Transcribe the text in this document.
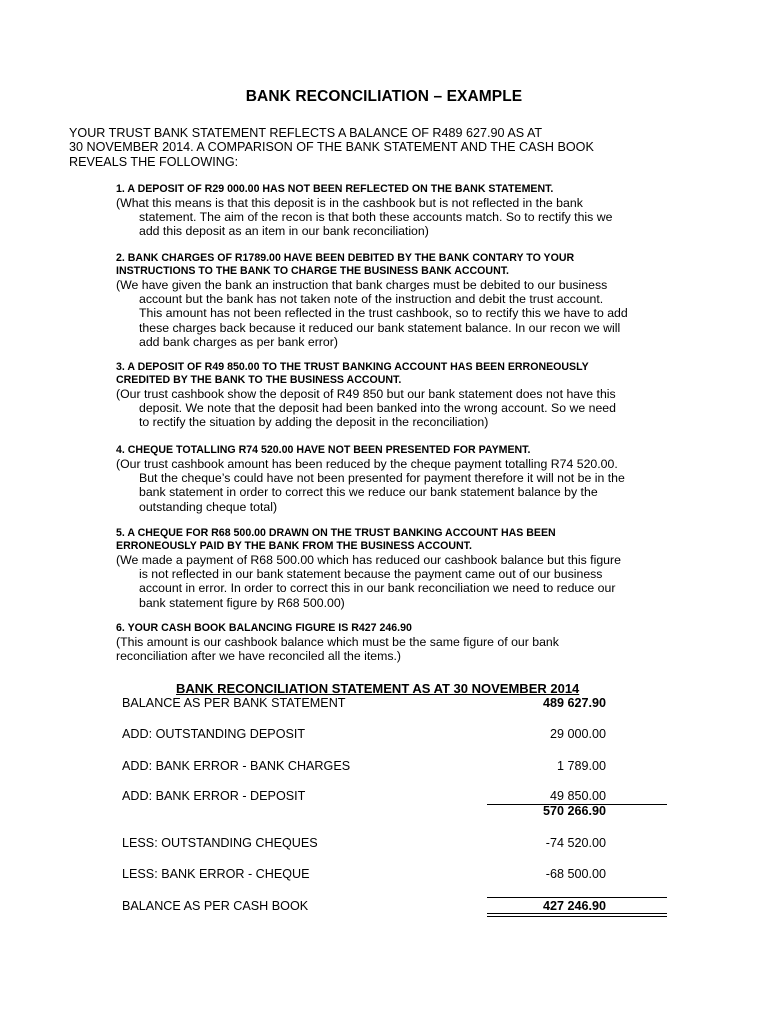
BANK RECONCILIATION – EXAMPLE
YOUR TRUST BANK STATEMENT REFLECTS A BALANCE OF R489 627.90 AS AT
30 NOVEMBER 2014. A COMPARISON OF THE BANK STATEMENT AND THE CASH BOOK
REVEALS THE FOLLOWING:
1. A DEPOSIT OF R29 000.00 HAS NOT BEEN REFLECTED ON THE BANK STATEMENT.
(What this means is that this deposit is in the cashbook but is not reflected in the bank
statement. The aim of the recon is that both these accounts match. So to rectify this we
add this deposit as an item in our bank reconciliation)
2. BANK CHARGES OF R1789.00 HAVE BEEN DEBITED BY THE BANK CONTARY TO YOUR
INSTRUCTIONS TO THE BANK TO CHARGE THE BUSINESS BANK ACCOUNT.
(We have given the bank an instruction that bank charges must be debited to our business
account but the bank has not taken note of the instruction and debit the trust account.
This amount has not been reflected in the trust cashbook, so to rectify this we have to add
these charges back because it reduced our bank statement balance. In our recon we will
add bank charges as per bank error)
3. A DEPOSIT OF R49 850.00 TO THE TRUST BANKING ACCOUNT HAS BEEN ERRONEOUSLY
CREDITED BY THE BANK TO THE BUSINESS ACCOUNT.
(Our trust cashbook show the deposit of R49 850 but our bank statement does not have this
deposit. We note that the deposit had been banked into the wrong account. So we need
to rectify the situation by adding the deposit in the reconciliation)
4. CHEQUE TOTALLING R74 520.00 HAVE NOT BEEN PRESENTED FOR PAYMENT.
(Our trust cashbook amount has been reduced by the cheque payment totalling R74 520.00.
But the cheque’s could have not been presented for payment therefore it will not be in the
bank statement in order to correct this we reduce our bank statement balance by the
outstanding cheque total)
5. A CHEQUE FOR R68 500.00 DRAWN ON THE TRUST BANKING ACCOUNT HAS BEEN
ERRONEOUSLY PAID BY THE BANK FROM THE BUSINESS ACCOUNT.
(We made a payment of R68 500.00 which has reduced our cashbook balance but this figure
is not reflected in our bank statement because the payment came out of our business
account in error. In order to correct this in our bank reconciliation we need to reduce our
bank statement figure by R68 500.00)
6. YOUR CASH BOOK BALANCING FIGURE IS R427 246.90
(This amount is our cashbook balance which must be the same figure of our bank
reconciliation after we have reconciled all the items.)
BANK RECONCILIATION STATEMENT AS AT 30 NOVEMBER 2014
BALANCE AS PER BANK STATEMENT	489 627.90
ADD: OUTSTANDING DEPOSIT	29 000.00
ADD: BANK ERROR - BANK CHARGES	1 789.00
ADD: BANK ERROR - DEPOSIT	49 850.00
570 266.90
LESS: OUTSTANDING CHEQUES	-74 520.00
LESS: BANK ERROR - CHEQUE	-68 500.00
BALANCE AS PER CASH BOOK	427 246.90
